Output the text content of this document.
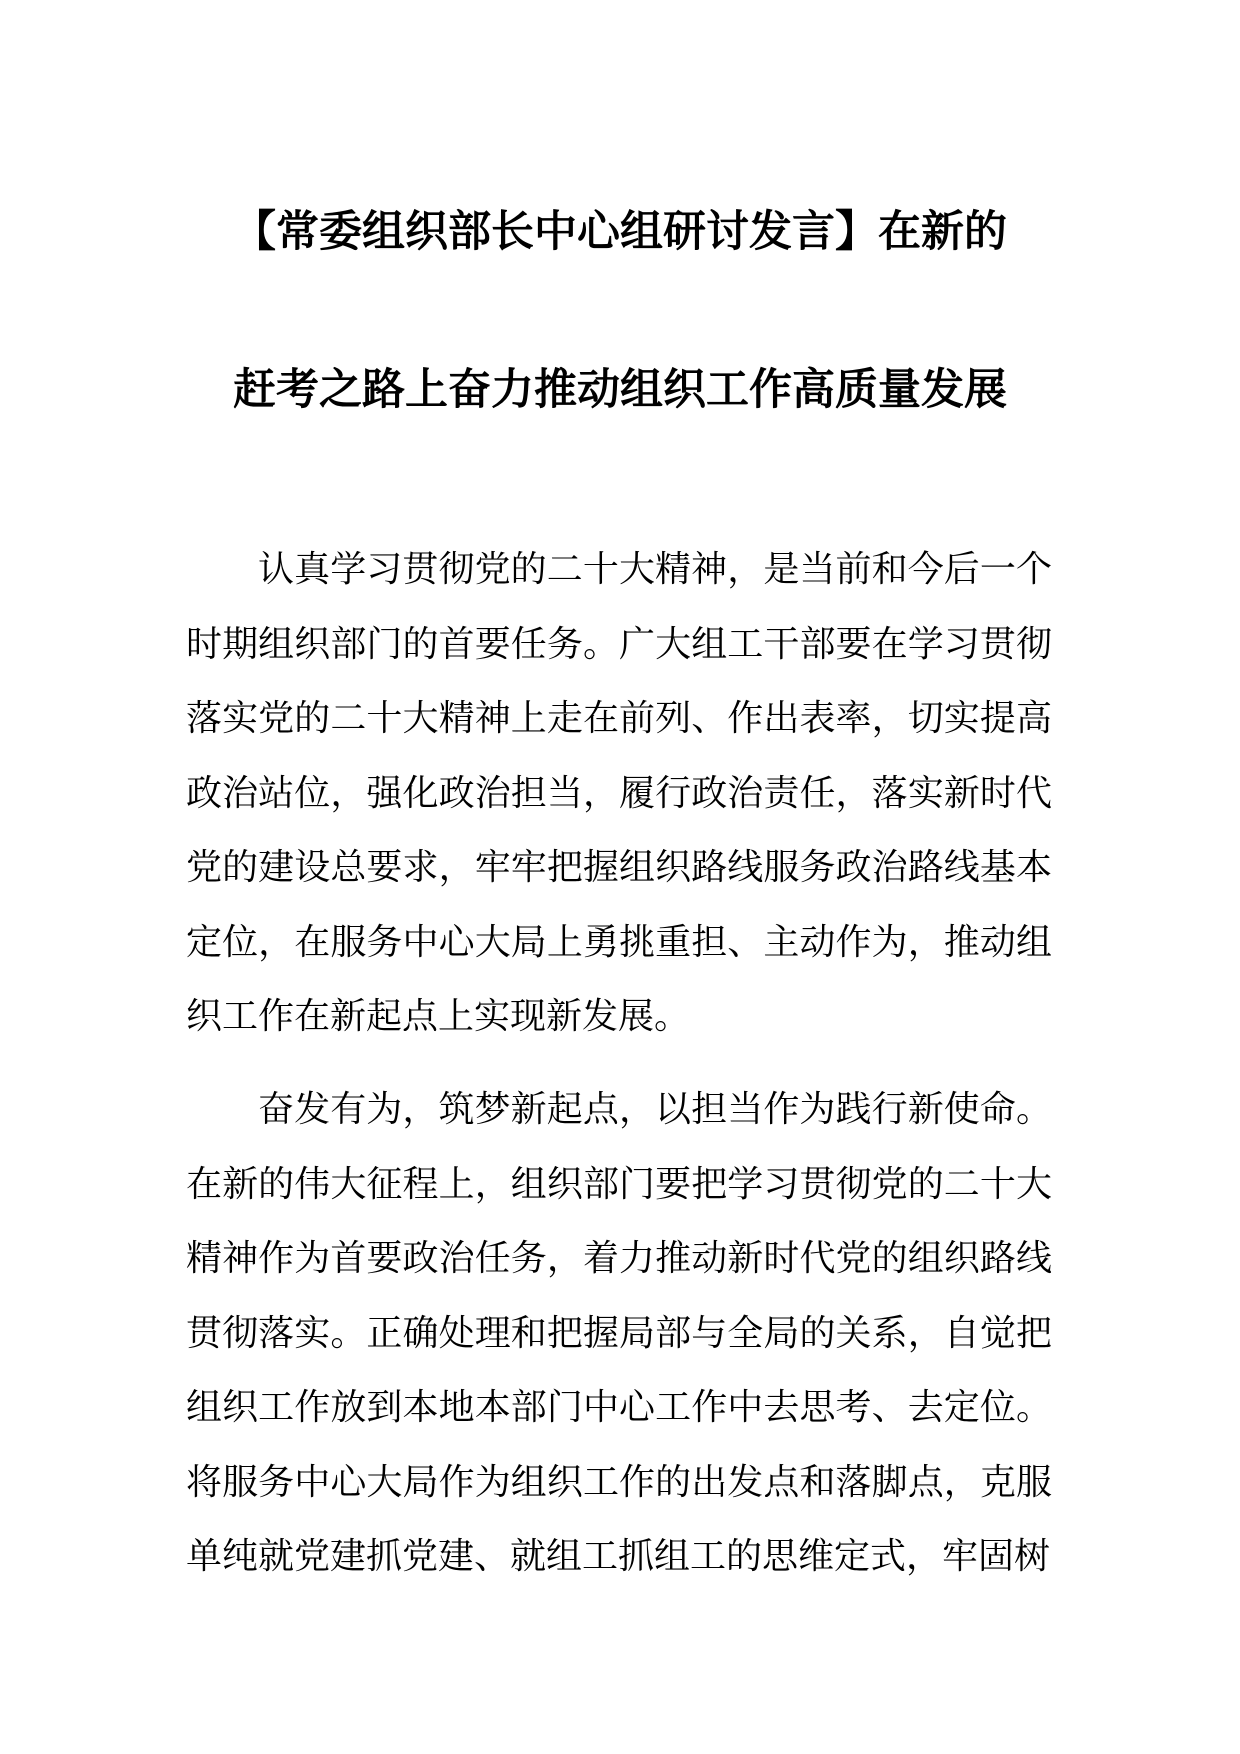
【常委组织部长中心组研讨发言】在新的
赶考之路上奋力推动组织工作高质量发展

认真学习贯彻党的二十大精神，是当前和今后一个时期组织部门的首要任务。广大组工干部要在学习贯彻落实党的二十大精神上走在前列、作出表率，切实提高政治站位，强化政治担当，履行政治责任，落实新时代党的建设总要求，牢牢把握组织路线服务政治路线基本定位，在服务中心大局上勇挑重担、主动作为，推动组织工作在新起点上实现新发展。

奋发有为，筑梦新起点，以担当作为践行新使命。在新的伟大征程上，组织部门要把学习贯彻党的二十大精神作为首要政治任务，着力推动新时代党的组织路线贯彻落实。正确处理和把握局部与全局的关系，自觉把组织工作放到本地本部门中心工作中去思考、去定位。将服务中心大局作为组织工作的出发点和落脚点，克服单纯就党建抓党建、就组工抓组工的思维定式，牢固树
